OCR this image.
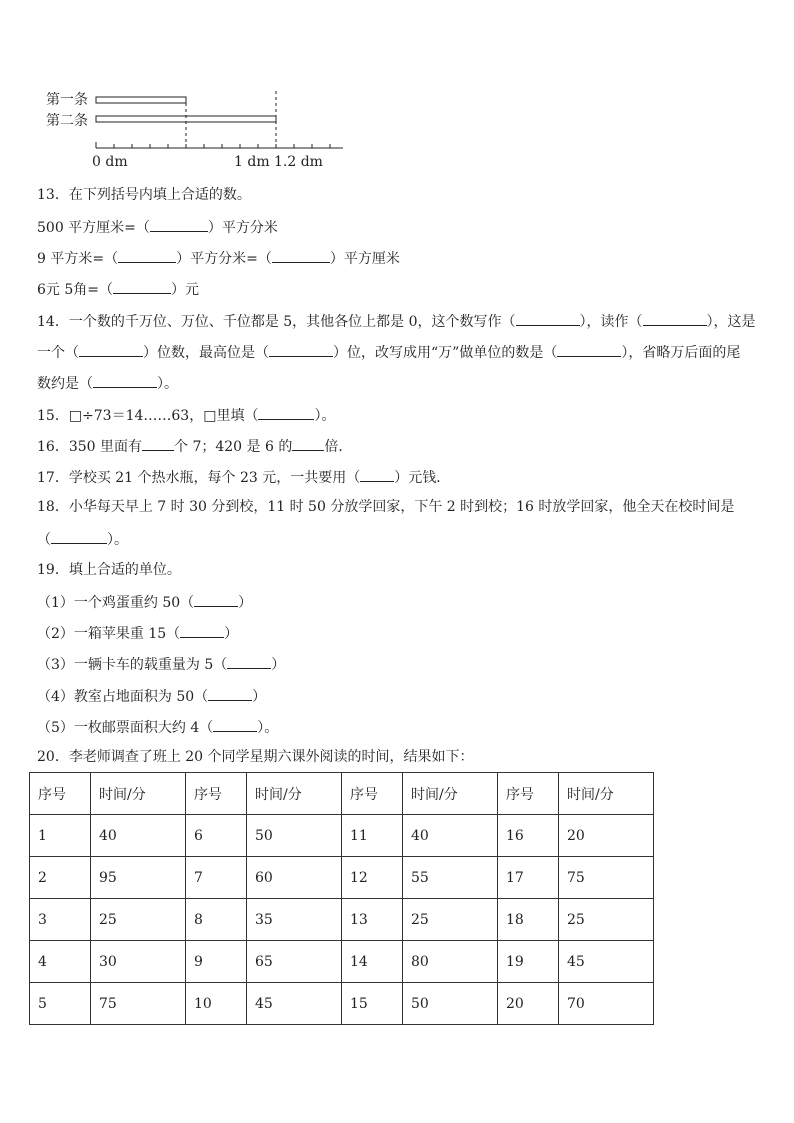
第一条
第二条
0 dm	1 dm 1.2 dm
13．在下列括号内填上合适的数。
500 平方厘米=（	）平方分米
9 平方米=（	）平方分米=（	）平方厘米
6元 5角=（	）元
14．一个数的千万位、万位、千位都是 5，其他各位上都是 0，这个数写作（	），读作（	），这是
一个（	）位数，最高位是（	）位，改写成用“万”做单位的数是（	），省略万后面的尾
数约是（	）。
15．□÷73＝14……63，□里填（	）。
16．350 里面有 个 7；420 是 6 的 倍．
17．学校买 21 个热水瓶，每个 23 元，一共要用（ ）元钱．
18．小华每天早上 7 时 30 分到校，11 时 50 分放学回家，下午 2 时到校；16 时放学回家，他全天在校时间是
（	）。
19．填上合适的单位。
（1）一个鸡蛋重约 50（	）
（2）一箱苹果重 15（	）
（3）一辆卡车的载重量为 5（	）
（4）教室占地面积为 50（	）
（5）一枚邮票面积大约 4（	）。
20．李老师调查了班上 20 个同学星期六课外阅读的时间，结果如下：
序号	时间/分	序号	时间/分	序号	时间/分	序号	时间/分
1	40	6	50	11	40	16	20
2	95	7	60	12	55	17	75
3	25	8	35	13	25	18	25
4	30	9	65	14	80	19	45
5	75	10	45	15	50	20	70
